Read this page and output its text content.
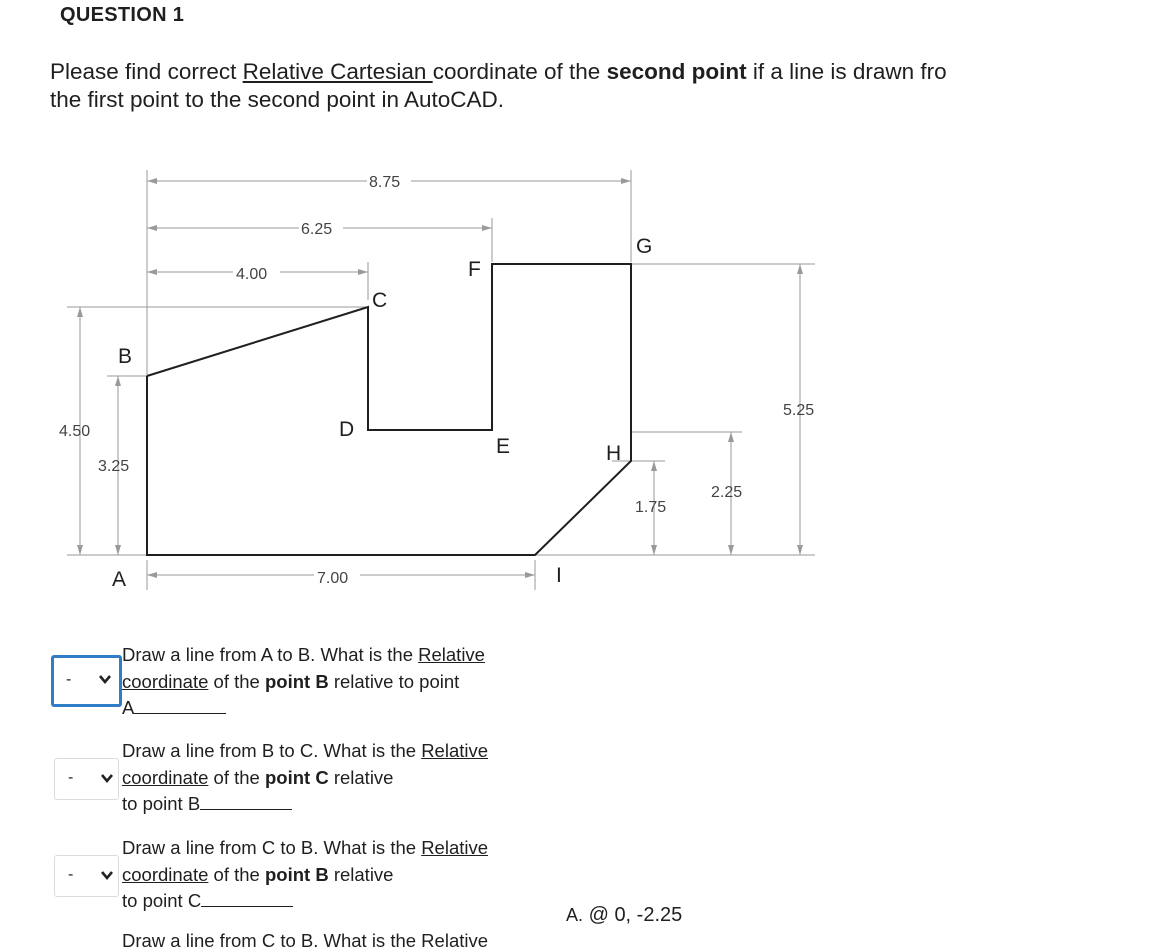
QUESTION 1
Please find correct Relative Cartesian coordinate of the second point if a line is drawn fro
the first point to the second point in AutoCAD.
8.75
6.25
4.00
4.50
3.25
7.00
1.75
2.25
5.25
A
B
C
D
E
F
G
H
I
-
Draw a line from A to B. What is the Relative
coordinate of the point B relative to point
A
-
Draw a line from B to C. What is the Relative
coordinate of the point C relative
to point B
-
Draw a line from C to B. What is the Relative
coordinate of the point B relative
to point C
A. @ 0, -2.25
Draw a line from C to B. What is the Relative
